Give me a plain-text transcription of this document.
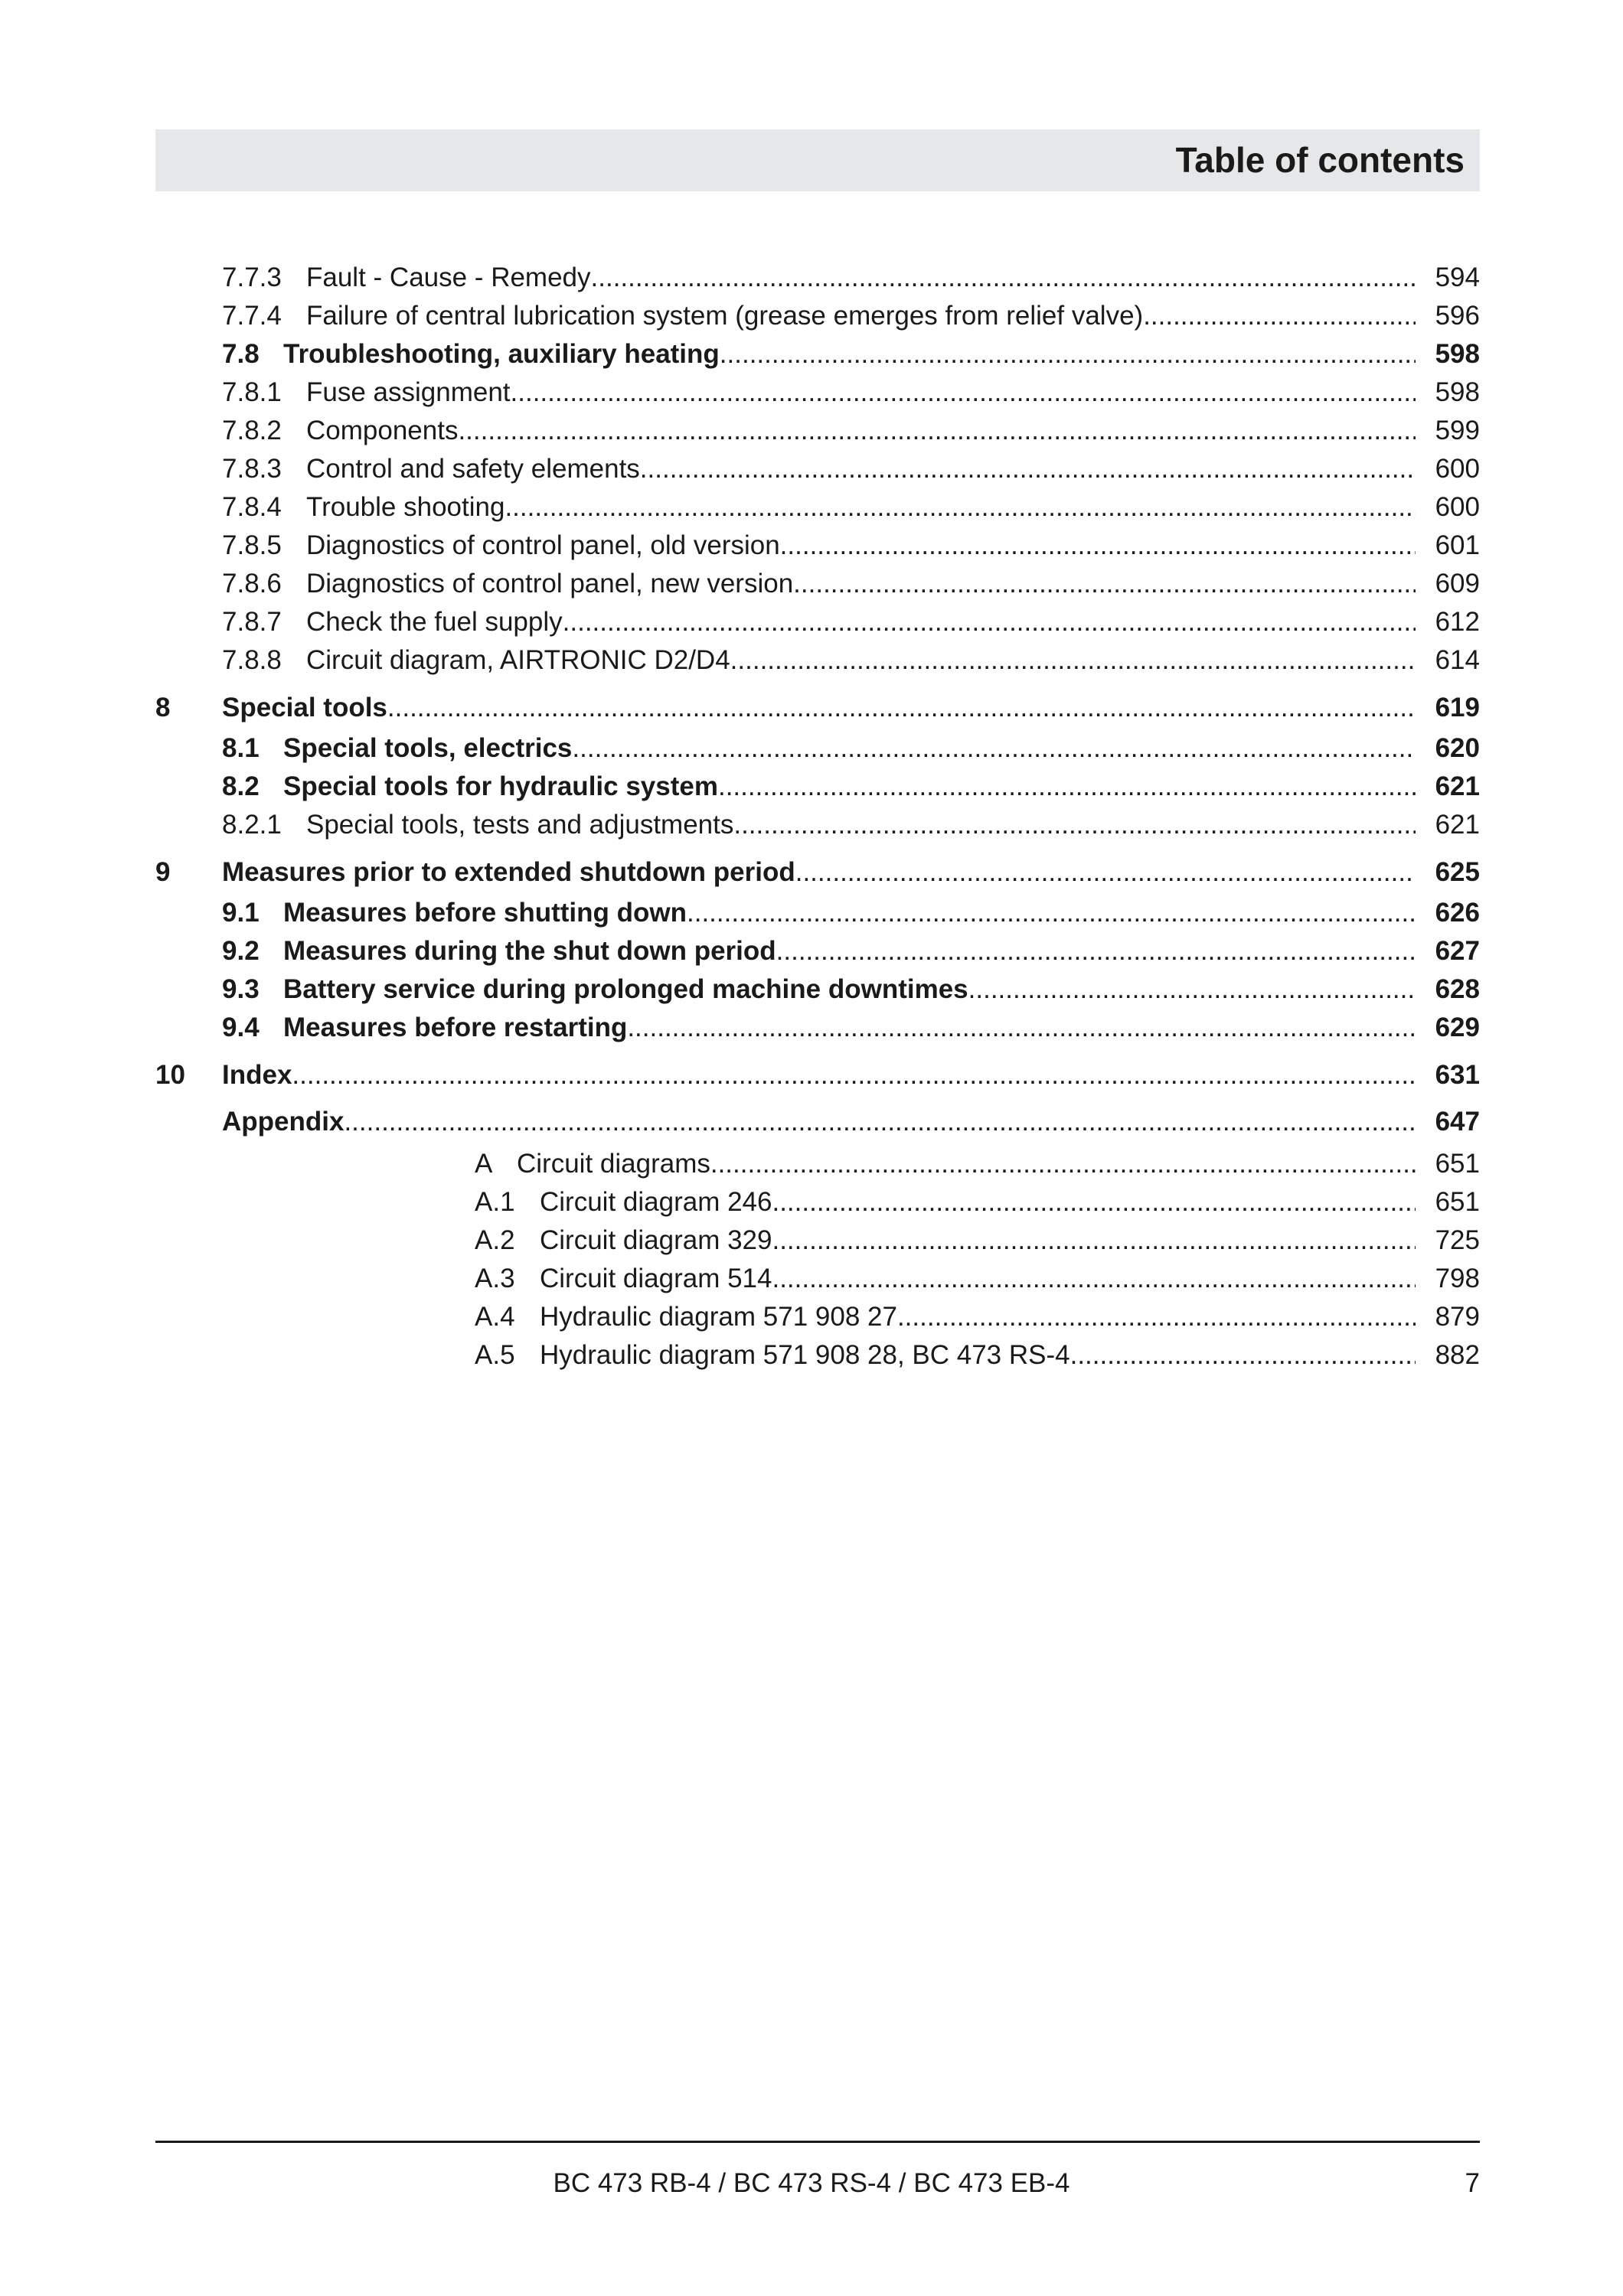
Table of contents
7.7.3 Fault - Cause - Remedy .....	594
7.7.4 Failure of central lubrication system (grease emerges from relief valve) .....	596
7.8 Troubleshooting, auxiliary heating .....	598
7.8.1 Fuse assignment .....	598
7.8.2 Components .....	599
7.8.3 Control and safety elements .....	600
7.8.4 Trouble shooting .....	600
7.8.5 Diagnostics of control panel, old version .....	601
7.8.6 Diagnostics of control panel, new version .....	609
7.8.7 Check the fuel supply .....	612
7.8.8 Circuit diagram, AIRTRONIC D2/D4 .....	614
8	Special tools .....	619
8.1 Special tools, electrics .....	620
8.2 Special tools for hydraulic system .....	621
8.2.1 Special tools, tests and adjustments .....	621
9	Measures prior to extended shutdown period .....	625
9.1 Measures before shutting down .....	626
9.2 Measures during the shut down period .....	627
9.3 Battery service during prolonged machine downtimes .....	628
9.4 Measures before restarting .....	629
10	Index .....	631
Appendix .....	647
A Circuit diagrams .....	651
A.1 Circuit diagram 246 .....	651
A.2 Circuit diagram 329 .....	725
A.3 Circuit diagram 514 .....	798
A.4 Hydraulic diagram 571 908 27 .....	879
A.5 Hydraulic diagram 571 908 28, BC 473 RS-4 .....	882
BC 473 RB-4 / BC 473 RS-4 / BC 473 EB-4	7
